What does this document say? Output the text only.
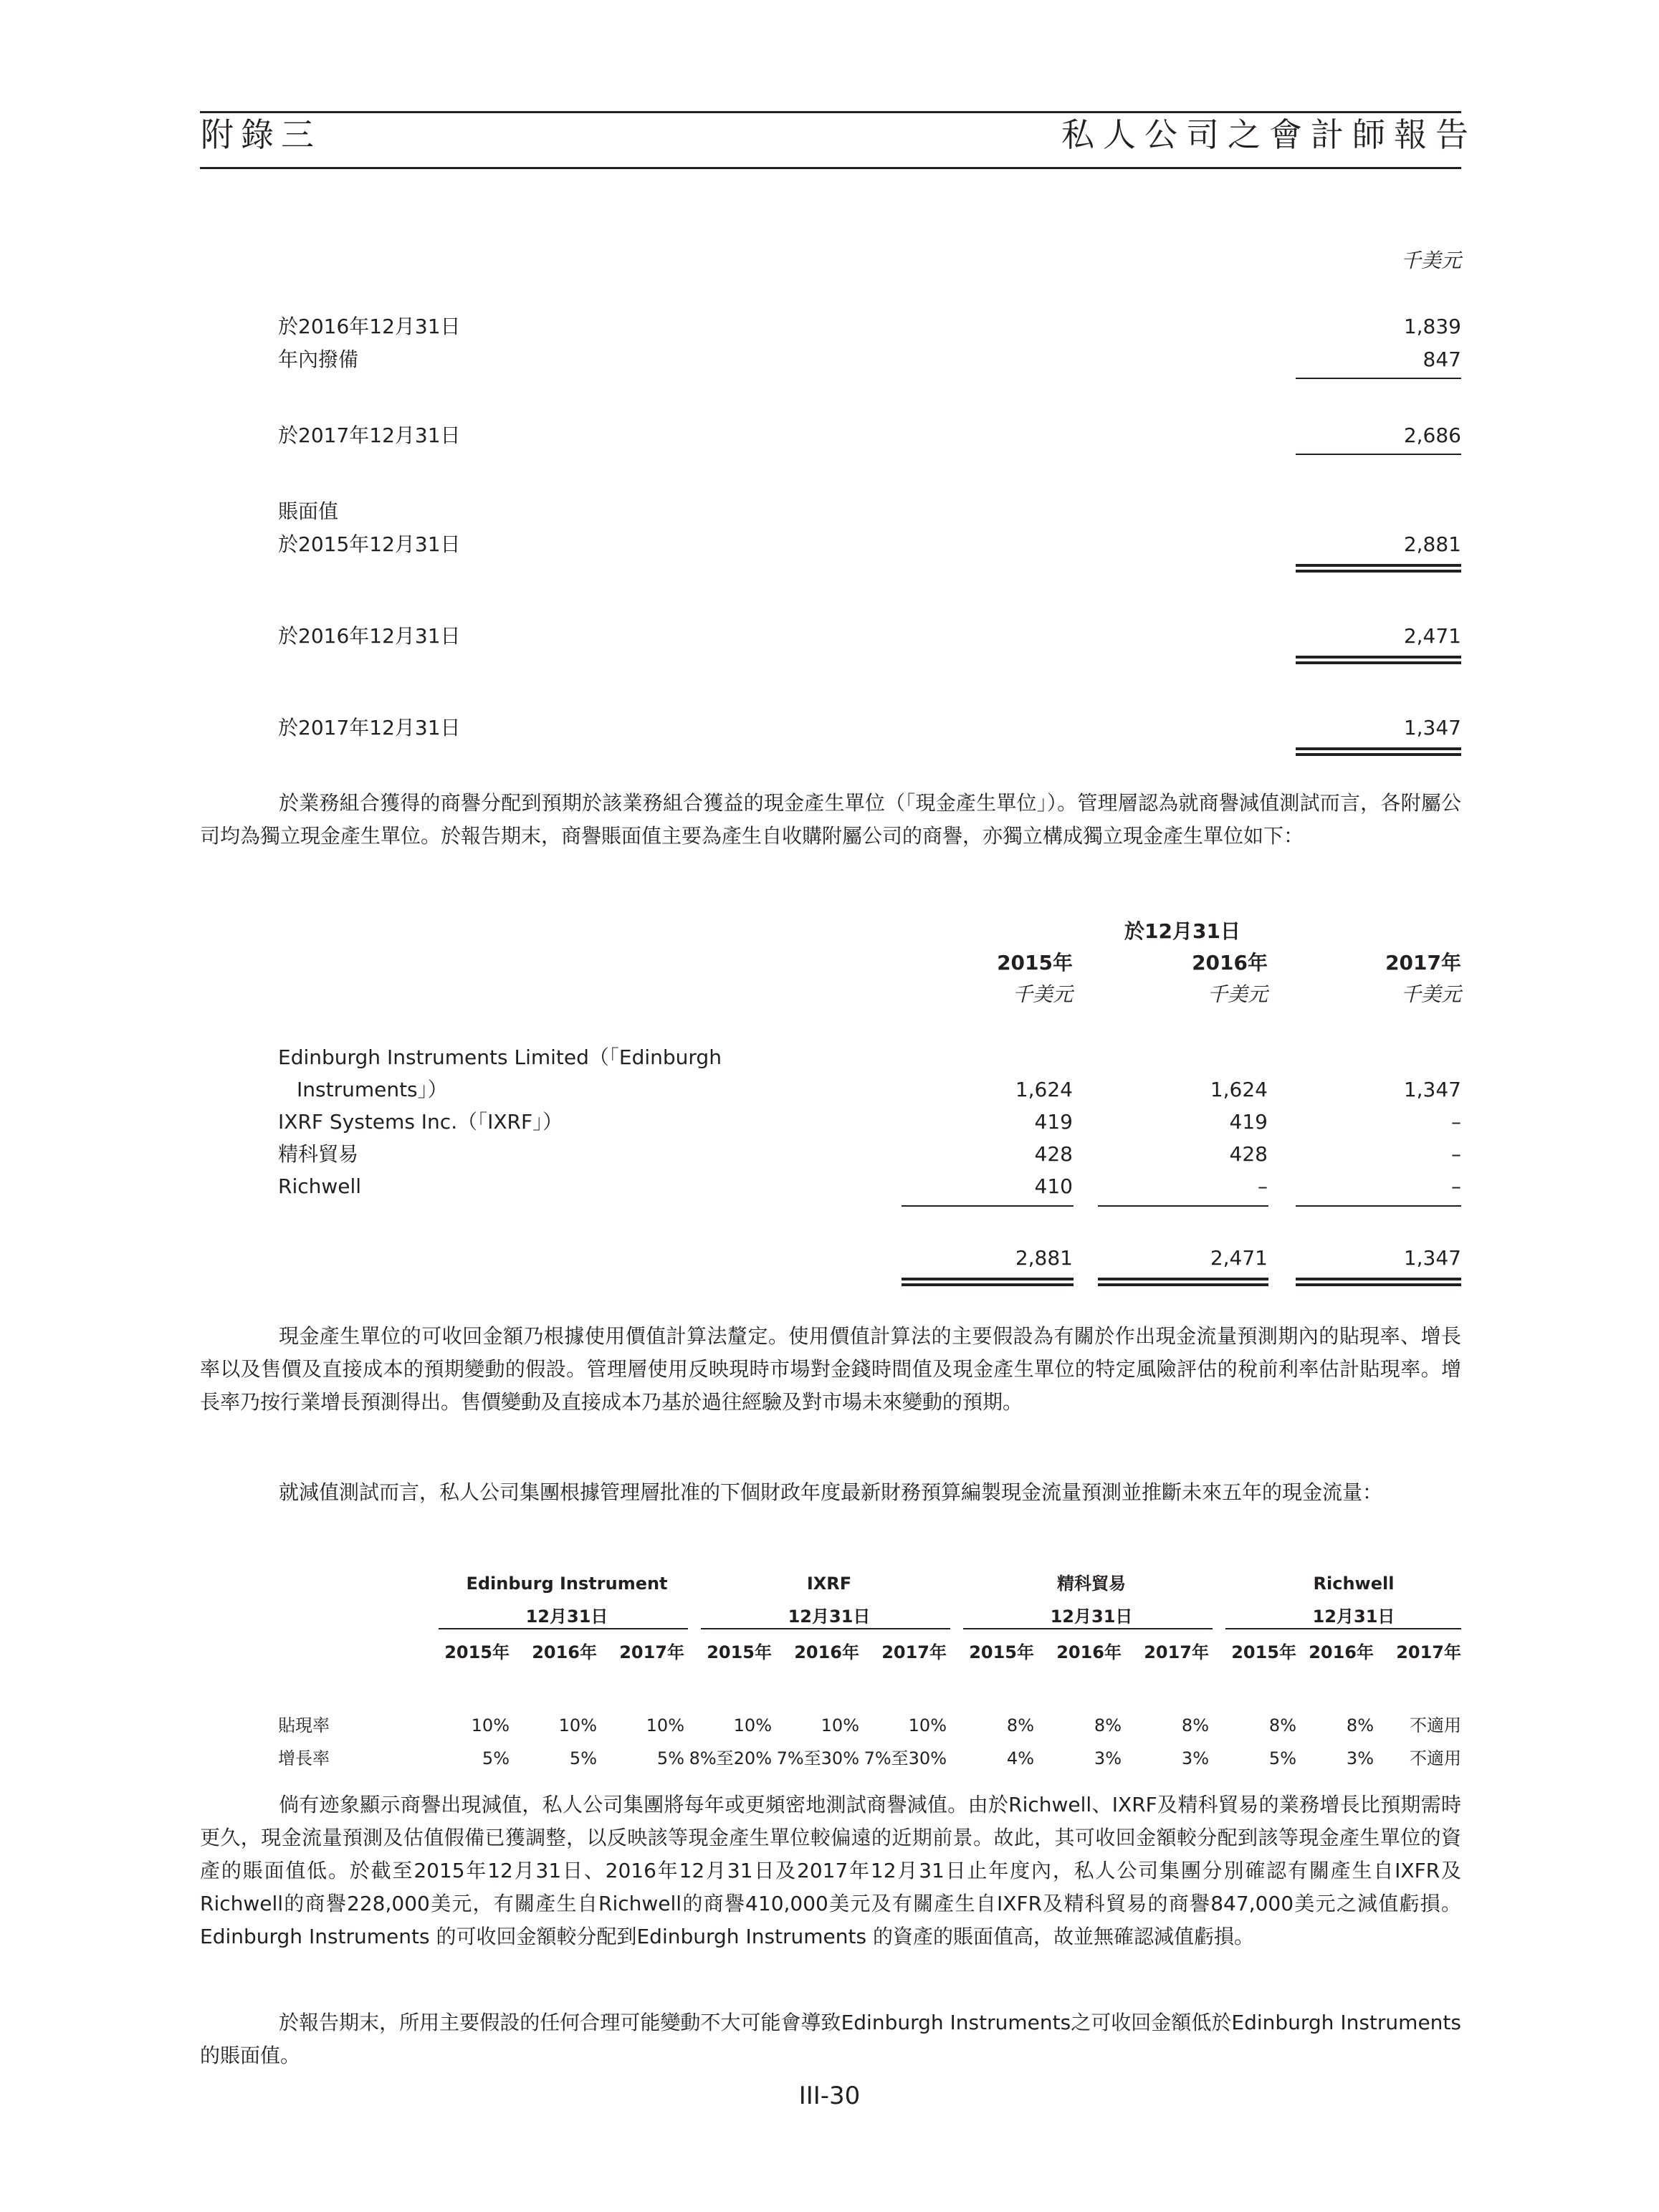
附錄三	私人公司之會計師報告
千美元
於2016年12月31日	1,839
年內撥備	847
於2017年12月31日	2,686
賬面值
於2015年12月31日	2,881
於2016年12月31日	2,471
於2017年12月31日	1,347
於業務組合獲得的商譽分配到預期於該業務組合獲益的現金產生單位（「現金產生單位」）。管理層認為就商譽減值測試而言，各附屬公司均為獨立現金產生單位。於報告期末，商譽賬面值主要為產生自收購附屬公司的商譽，亦獨立構成獨立現金產生單位如下：
於12月31日
2015年	2016年	2017年
千美元	千美元	千美元
Edinburgh Instruments Limited（「Edinburgh
Instruments」）	1,624	1,624	1,347
IXRF Systems Inc.（「IXRF」）	419	419	–
精科貿易	428	428	–
Richwell	410	–	–
2,881	2,471	1,347
現金產生單位的可收回金額乃根據使用價值計算法釐定。使用價值計算法的主要假設為有關於作出現金流量預測期內的貼現率、增長率以及售價及直接成本的預期變動的假設。管理層使用反映現時市場對金錢時間值及現金產生單位的特定風險評估的稅前利率估計貼現率。增長率乃按行業增長預測得出。售價變動及直接成本乃基於過往經驗及對市場未來變動的預期。
就減值測試而言，私人公司集團根據管理層批准的下個財政年度最新財務預算編製現金流量預測並推斷未來五年的現金流量：
Edinburg Instrument	IXRF	精科貿易	Richwell
12月31日	12月31日	12月31日	12月31日
2015年 2016年 2017年 2015年 2016年 2017年 2015年 2016年 2017年 2015年 2016年 2017年
貼現率	10%	10%	10%	10%	10%	10%	8%	8%	8%	8%	8% 不適用
增長率	5%	5%	5% 8%至20% 7%至30% 7%至30%	4%	3%	3%	5%	3% 不適用
倘有迹象顯示商譽出現減值，私人公司集團將每年或更頻密地測試商譽減值。由於Richwell、IXRF及精科貿易的業務增長比預期需時更久，現金流量預測及估值假備已獲調整，以反映該等現金產生單位較偏遠的近期前景。故此，其可收回金額較分配到該等現金產生單位的資產的賬面值低。於截至2015年12月31日、2016年12月31日及2017年12月31日止年度內，私人公司集團分別確認有關產生自IXFR及Richwell的商譽228,000美元，有關產生自Richwell的商譽410,000美元及有關產生自IXFR及精科貿易的商譽847,000美元之減值虧損。Edinburgh Instruments 的可收回金額較分配到Edinburgh Instruments 的資產的賬面值高，故並無確認減值虧損。
於報告期末，所用主要假設的任何合理可能變動不大可能會導致Edinburgh Instruments之可收回金額低於Edinburgh Instruments的賬面值。
III-30
